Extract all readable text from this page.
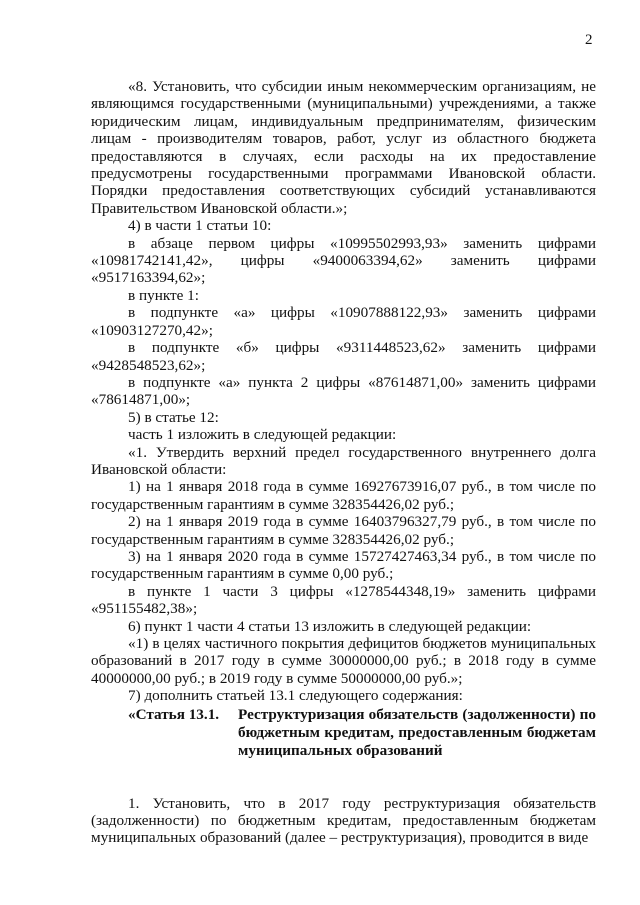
2

«8. Установить, что субсидии иным некоммерческим организациям, не являющимся государственными (муниципальными) учреждениями, а также юридическим лицам, индивидуальным предпринимателям, физическим лицам - производителям товаров, работ, услуг из областного бюджета предоставляются в случаях, если расходы на их предоставление предусмотрены государственными программами Ивановской области. Порядки предоставления соответствующих субсидий устанавливаются Правительством Ивановской области.»;

4) в части 1 статьи 10:

в абзаце первом цифры «10995502993,93» заменить цифрами «10981742141,42», цифры «9400063394,62» заменить цифрами «9517163394,62»;

в пункте 1:

в подпункте «а» цифры «10907888122,93» заменить цифрами «10903127270,42»;

в подпункте «б» цифры «9311448523,62» заменить цифрами «9428548523,62»;

в подпункте «а» пункта 2 цифры «87614871,00» заменить цифрами «78614871,00»;

5) в статье 12:

часть 1 изложить в следующей редакции:

«1. Утвердить верхний предел государственного внутреннего долга Ивановской области:

1) на 1 января 2018 года в сумме 16927673916,07 руб., в том числе по государственным гарантиям в сумме 328354426,02 руб.;

2) на 1 января 2019 года в сумме 16403796327,79 руб., в том числе по государственным гарантиям в сумме 328354426,02 руб.;

3) на 1 января 2020 года в сумме 15727427463,34 руб., в том числе по государственным гарантиям в сумме 0,00 руб.;

в пункте 1 части 3 цифры «1278544348,19» заменить цифрами «951155482,38»;

6) пункт 1 части 4 статьи 13 изложить в следующей редакции:

«1) в целях частичного покрытия дефицитов бюджетов муниципальных образований в 2017 году в сумме 30000000,00 руб.; в 2018 году в сумме 40000000,00 руб.; в 2019 году в сумме 50000000,00 руб.»;

7) дополнить статьей 13.1 следующего содержания:

«Статья 13.1.	Реструктуризация обязательств (задолженности) по бюджетным кредитам, предоставленным бюджетам муниципальных образований

1. Установить, что в 2017 году реструктуризация обязательств (задолженности) по бюджетным кредитам, предоставленным бюджетам муниципальных образований (далее – реструктуризация), проводится в виде
